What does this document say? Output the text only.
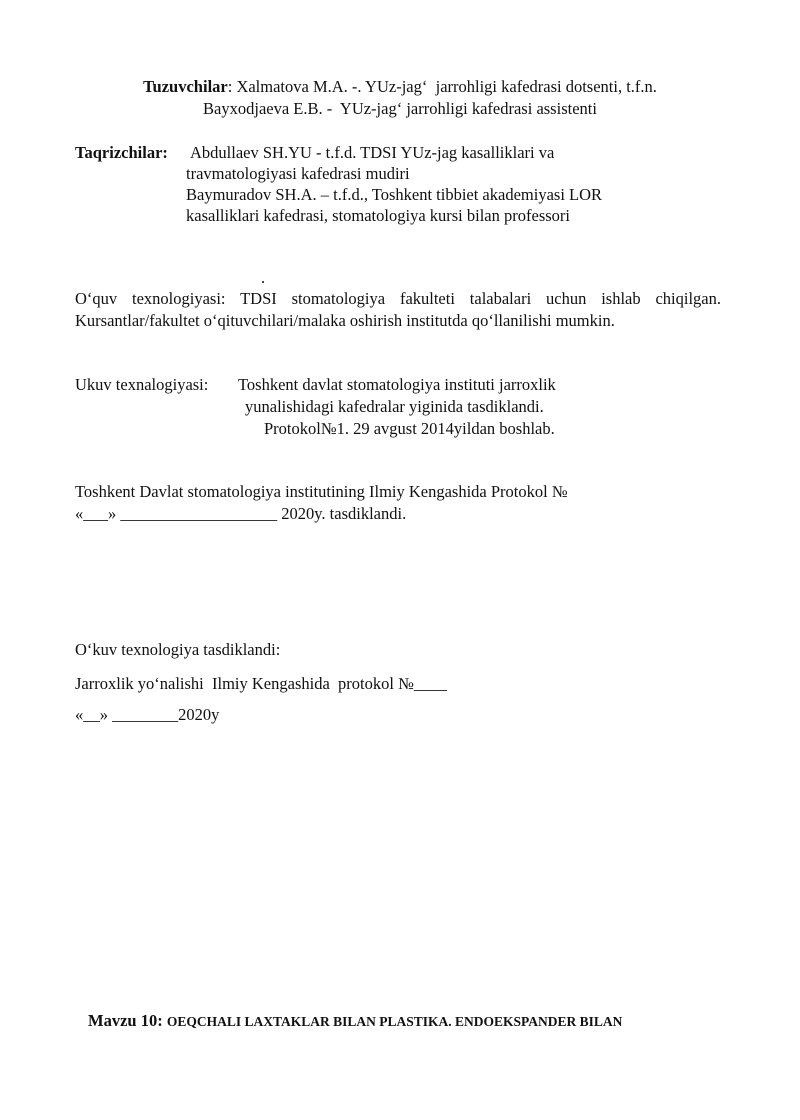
Tuzuvchilar: Xalmatova M.A. -. YUz-jag‘  jarrohligi kafedrasi dotsenti, t.f.n.
Bayxodjaeva E.B. -  YUz-jag‘ jarrohligi kafedrasi assistenti
Taqrizchilar: Abdullaev SH.YU - t.f.d. TDSI YUz-jag kasalliklari va
travmatologiyasi kafedrasi mudiri
Baymuradov SH.A. – t.f.d., Toshkent tibbiet akademiyasi LOR
kasalliklari kafedrasi, stomatologiya kursi bilan professori
.
O‘quv texnologiyasi: TDSI stomatologiya fakulteti talabalari uchun ishlab chiqilgan.
Kursantlar/fakultet o‘qituvchilari/malaka oshirish institutda qo‘llanilishi mumkin.
Ukuv texnalogiyasi: Toshkent davlat stomatologiya instituti jarroxlik
yunalishidagi kafedralar yiginida tasdiklandi.
Protokol№1. 29 avgust 2014yildan boshlab.
Toshkent Davlat stomatologiya institutining Ilmiy Kengashida Protokol №
«___» ___________________ 2020y. tasdiklandi.
O‘kuv texnologiya tasdiklandi:
Jarroxlik yo‘nalishi  Ilmiy Kengashida  protokol №____
«__» ________2020y
Mavzu 10: OEQCHALI LAXTAKLAR BILAN PLASTIKA. ENDOEKSPANDER BILAN
